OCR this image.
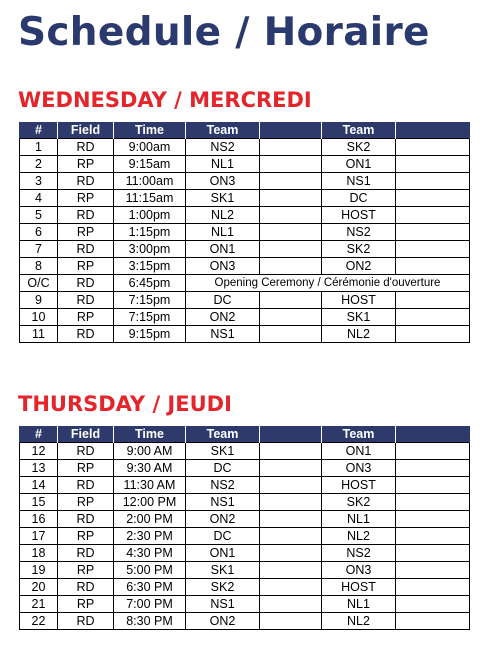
Schedule / Horaire
WEDNESDAY / MERCREDI
#	Field	Time	Team		Team	
1	RD	9:00am	NS2		SK2	
2	RP	9:15am	NL1		ON1	
3	RD	11:00am	ON3		NS1	
4	RP	11:15am	SK1		DC	
5	RD	1:00pm	NL2		HOST	
6	RP	1:15pm	NL1		NS2	
7	RD	3:00pm	ON1		SK2	
8	RP	3:15pm	ON3		ON2	
O/C	RD	6:45pm	Opening Ceremony / Cérémonie d'ouverture			
9	RD	7:15pm	DC		HOST	
10	RP	7:15pm	ON2		SK1	
11	RD	9:15pm	NS1		NL2	
THURSDAY / JEUDI
#	Field	Time	Team		Team	
12	RD	9:00 AM	SK1		ON1	
13	RP	9:30 AM	DC		ON3	
14	RD	11:30 AM	NS2		HOST	
15	RP	12:00 PM	NS1		SK2	
16	RD	2:00 PM	ON2		NL1	
17	RP	2:30 PM	DC		NL2	
18	RD	4:30 PM	ON1		NS2	
19	RP	5:00 PM	SK1		ON3	
20	RD	6:30 PM	SK2		HOST	
21	RP	7:00 PM	NS1		NL1	
22	RD	8:30 PM	ON2		NL2	
